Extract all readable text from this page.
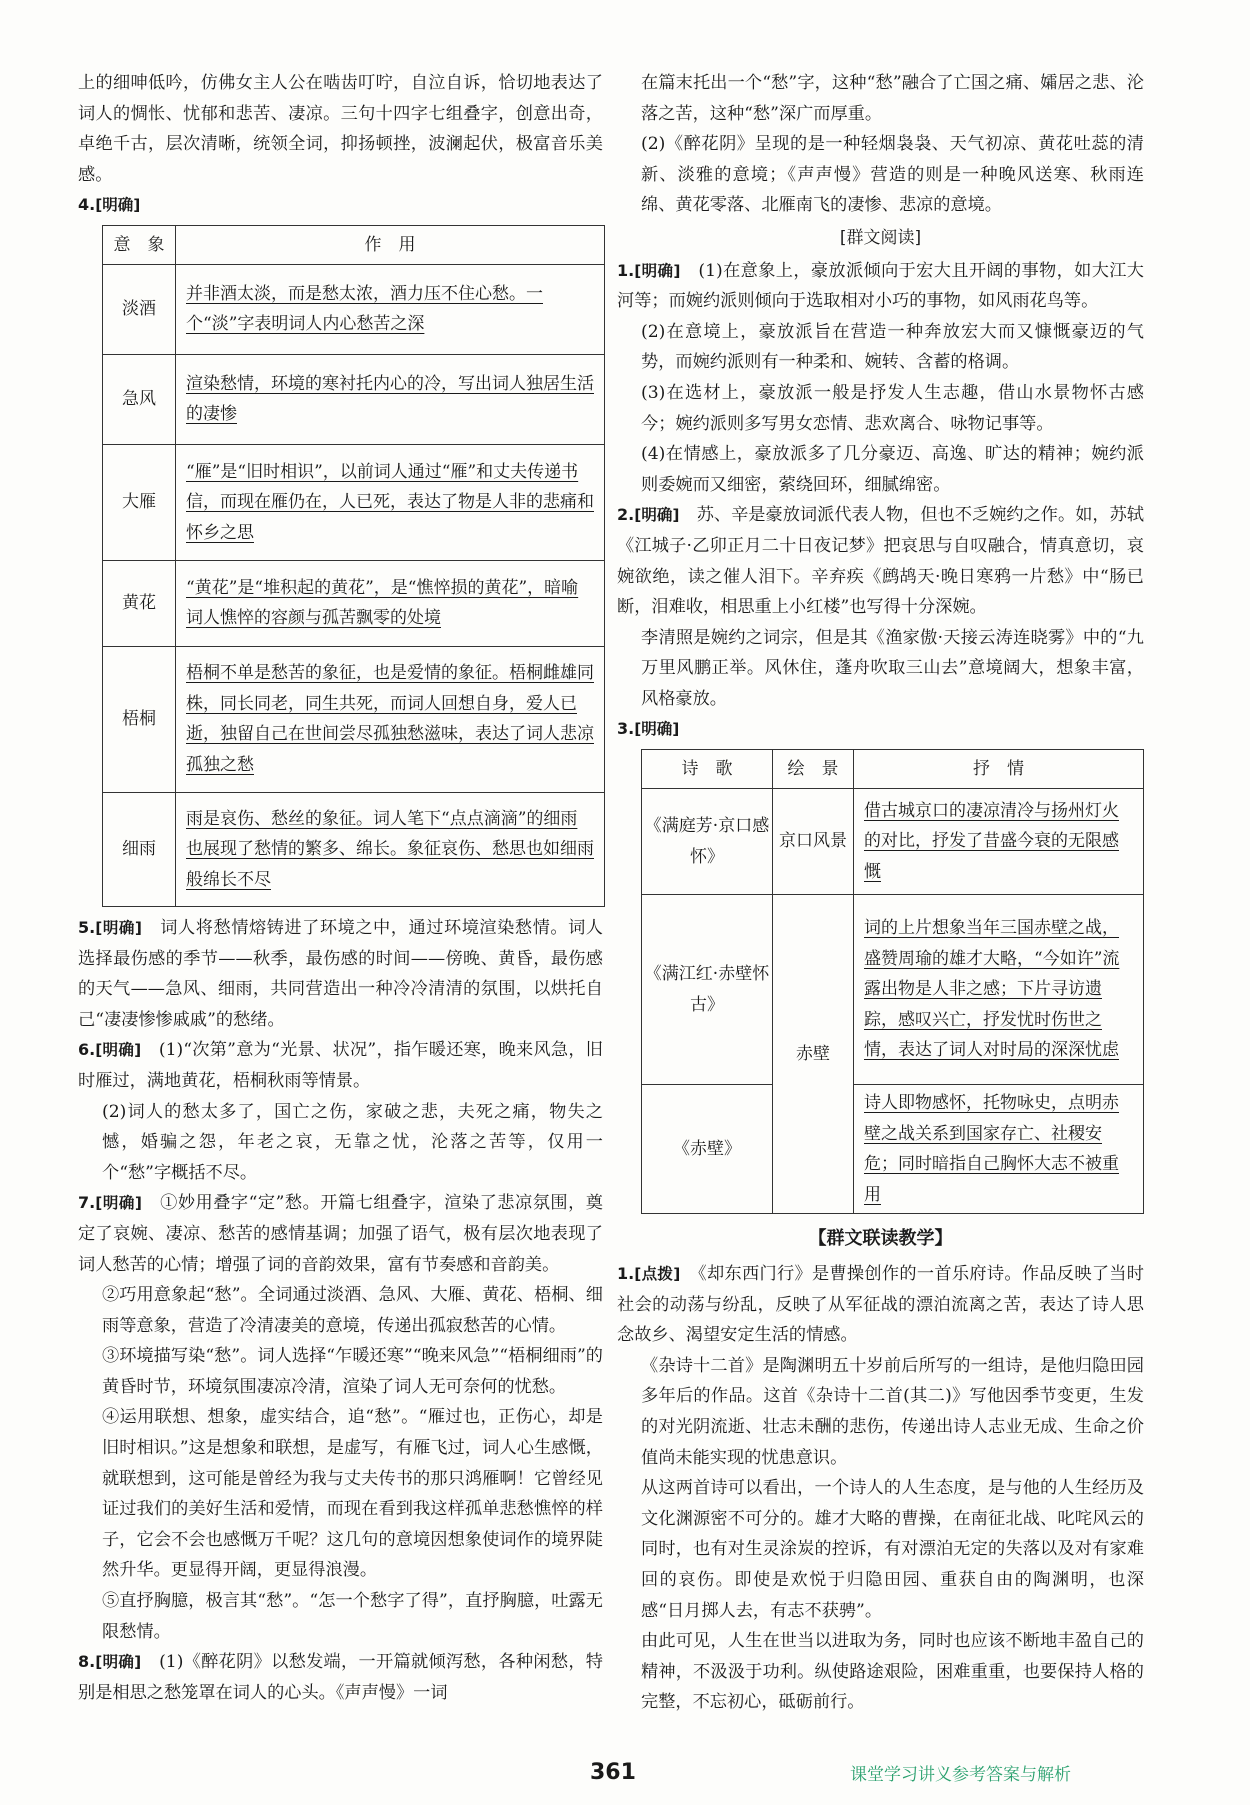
上的细呻低吟，仿佛女主人公在啮齿叮咛，自泣自诉，恰切地表达了词人的惆怅、忧郁和悲苦、凄凉。三句十四字七组叠字，创意出奇，卓绝千古，层次清晰，统领全词，抑扬顿挫，波澜起伏，极富音乐美感。

4.[明确]

意　象	作　用
淡酒	并非酒太淡，而是愁太浓，酒力压不住心愁。一个“淡”字表明词人内心愁苦之深
急风	渲染愁情，环境的寒衬托内心的冷，写出词人独居生活的凄惨
大雁	“雁”是“旧时相识”，以前词人通过“雁”和丈夫传递书信，而现在雁仍在，人已死，表达了物是人非的悲痛和怀乡之思
黄花	“黄花”是“堆积起的黄花”，是“憔悴损的黄花”，暗喻词人憔悴的容颜与孤苦飘零的处境
梧桐	梧桐不单是愁苦的象征，也是爱情的象征。梧桐雌雄同株，同长同老，同生共死，而词人回想自身，爱人已逝，独留自己在世间尝尽孤独愁滋味，表达了词人悲凉孤独之愁
细雨	雨是哀伤、愁丝的象征。词人笔下“点点滴滴”的细雨也展现了愁情的繁多、绵长。象征哀伤、愁思也如细雨般绵长不尽

5.[明确]　 词人将愁情熔铸进了环境之中，通过环境渲染愁情。词人选择最伤感的季节——秋季，最伤感的时间——傍晚、黄昏，最伤感的天气——急风、细雨，共同营造出一种冷冷清清的氛围，以烘托自己“凄凄惨惨戚戚”的愁绪。

6.[明确]　 (1)“次第”意为“光景、状况”，指乍暖还寒，晚来风急，旧时雁过，满地黄花，梧桐秋雨等情景。

(2)词人的愁太多了，国亡之伤，家破之悲，夫死之痛，物失之憾，婚骗之怨，年老之哀，无靠之忧，沦落之苦等，仅用一个“愁”字概括不尽。

7.[明确]　 ①妙用叠字“定”愁。开篇七组叠字，渲染了悲凉氛围，奠定了哀婉、凄凉、愁苦的感情基调；加强了语气，极有层次地表现了词人愁苦的心情；增强了词的音韵效果，富有节奏感和音韵美。

②巧用意象起“愁”。全词通过淡酒、急风、大雁、黄花、梧桐、细雨等意象，营造了冷清凄美的意境，传递出孤寂愁苦的心情。

③环境描写染“愁”。词人选择“乍暖还寒”“晚来风急”“梧桐细雨”的黄昏时节，环境氛围凄凉冷清，渲染了词人无可奈何的忧愁。

④运用联想、想象，虚实结合，追“愁”。“雁过也，正伤心，却是旧时相识。”这是想象和联想，是虚写，有雁飞过，词人心生感慨，就联想到，这可能是曾经为我与丈夫传书的那只鸿雁啊！它曾经见证过我们的美好生活和爱情，而现在看到我这样孤单悲愁憔悴的样子，它会不会也感慨万千呢？这几句的意境因想象使词作的境界陡然升华。更显得开阔，更显得浪漫。

⑤直抒胸臆，极言其“愁”。“怎一个愁字了得”，直抒胸臆，吐露无限愁情。

8.[明确]　 (1)《醉花阴》以愁发端，一开篇就倾泻愁，各种闲愁，特别是相思之愁笼罩在词人的心头。《声声慢》一词

在篇末托出一个“愁”字，这种“愁”融合了亡国之痛、孀居之悲、沦落之苦，这种“愁”深广而厚重。

(2)《醉花阴》呈现的是一种轻烟袅袅、天气初凉、黄花吐蕊的清新、淡雅的意境；《声声慢》营造的则是一种晚风送寒、秋雨连绵、黄花零落、北雁南飞的凄惨、悲凉的意境。

[群文阅读]

1.[明确]　 (1)在意象上，豪放派倾向于宏大且开阔的事物，如大江大河等；而婉约派则倾向于选取相对小巧的事物，如风雨花鸟等。

(2)在意境上，豪放派旨在营造一种奔放宏大而又慷慨豪迈的气势，而婉约派则有一种柔和、婉转、含蓄的格调。

(3)在选材上，豪放派一般是抒发人生志趣，借山水景物怀古感今；婉约派则多写男女恋情、悲欢离合、咏物记事等。

(4)在情感上，豪放派多了几分豪迈、高逸、旷达的精神；婉约派则委婉而又细密，萦绕回环，细腻绵密。

2.[明确]　 苏、辛是豪放词派代表人物，但也不乏婉约之作。如，苏轼《江城子·乙卯正月二十日夜记梦》把哀思与自叹融合，情真意切，哀婉欲绝，读之催人泪下。辛弃疾《鹧鸪天·晚日寒鸦一片愁》中“肠已断，泪难收，相思重上小红楼”也写得十分深婉。

李清照是婉约之词宗，但是其《渔家傲·天接云涛连晓雾》中的“九万里风鹏正举。风休住，蓬舟吹取三山去”意境阔大，想象丰富，风格豪放。

3.[明确]

诗　歌	绘　景	抒　情
《满庭芳·京口感怀》	京口风景	借古城京口的凄凉清冷与扬州灯火的对比，抒发了昔盛今衰的无限感慨
《满江红·赤壁怀古》	赤壁	词的上片想象当年三国赤壁之战，盛赞周瑜的雄才大略，“今如许”流露出物是人非之感；下片寻访遗踪，感叹兴亡，抒发忧时伤世之情，表达了词人对时局的深深忧虑
《赤壁》		诗人即物感怀，托物咏史，点明赤壁之战关系到国家存亡、社稷安危；同时暗指自己胸怀大志不被重用
【群文联读教学】

1.[点拨]　 《却东西门行》是曹操创作的一首乐府诗。作品反映了当时社会的动荡与纷乱，反映了从军征战的漂泊流离之苦，表达了诗人思念故乡、渴望安定生活的情感。

《杂诗十二首》是陶渊明五十岁前后所写的一组诗，是他归隐田园多年后的作品。这首《杂诗十二首(其二)》写他因季节变更，生发的对光阴流逝、壮志未酬的悲伤，传递出诗人志业无成、生命之价值尚未能实现的忧患意识。

从这两首诗可以看出，一个诗人的人生态度，是与他的人生经历及文化渊源密不可分的。雄才大略的曹操，在南征北战、叱咤风云的同时，也有对生灵涂炭的控诉，有对漂泊无定的失落以及对有家难回的哀伤。即使是欢悦于归隐田园、重获自由的陶渊明，也深感“日月掷人去，有志不获骋”。

由此可见，人生在世当以进取为务，同时也应该不断地丰盈自己的精神，不汲汲于功利。纵使路途艰险，困难重重，也要保持人格的完整，不忘初心，砥砺前行。

361	课堂学习讲义参考答案与解析
